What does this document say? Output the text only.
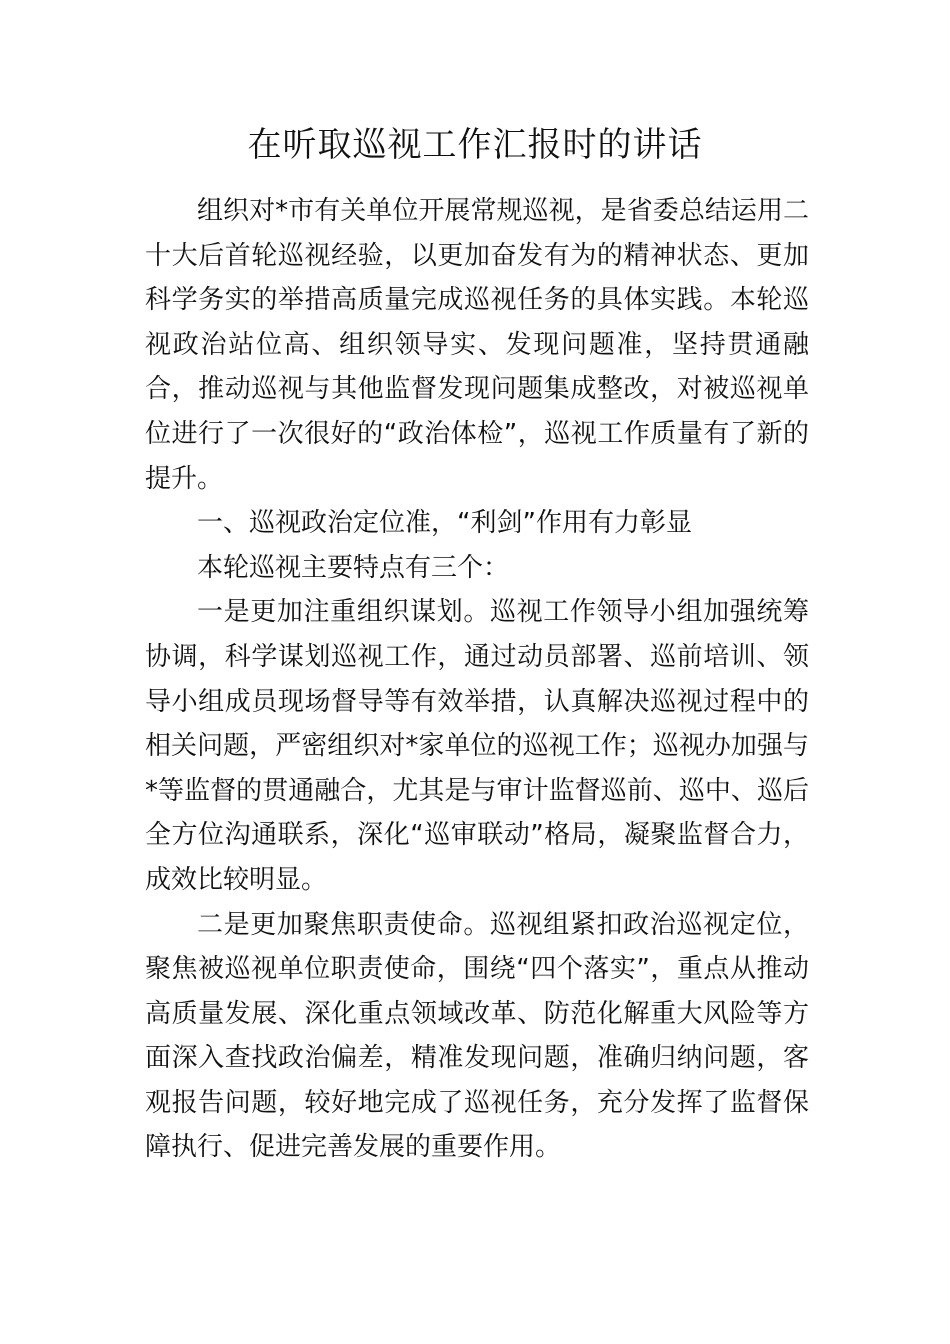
在听取巡视工作汇报时的讲话

组织对*市有关单位开展常规巡视，是省委总结运用二十大后首轮巡视经验，以更加奋发有为的精神状态、更加科学务实的举措高质量完成巡视任务的具体实践。本轮巡视政治站位高、组织领导实、发现问题准，坚持贯通融合，推动巡视与其他监督发现问题集成整改，对被巡视单位进行了一次很好的“政治体检”，巡视工作质量有了新的提升。

一、巡视政治定位准，“利剑”作用有力彰显

本轮巡视主要特点有三个：

一是更加注重组织谋划。巡视工作领导小组加强统筹协调，科学谋划巡视工作，通过动员部署、巡前培训、领导小组成员现场督导等有效举措，认真解决巡视过程中的相关问题，严密组织对*家单位的巡视工作；巡视办加强与*等监督的贯通融合，尤其是与审计监督巡前、巡中、巡后全方位沟通联系，深化“巡审联动”格局，凝聚监督合力，成效比较明显。

二是更加聚焦职责使命。巡视组紧扣政治巡视定位，聚焦被巡视单位职责使命，围绕“四个落实”，重点从推动高质量发展、深化重点领域改革、防范化解重大风险等方面深入查找政治偏差，精准发现问题，准确归纳问题，客观报告问题，较好地完成了巡视任务，充分发挥了监督保障执行、促进完善发展的重要作用。
